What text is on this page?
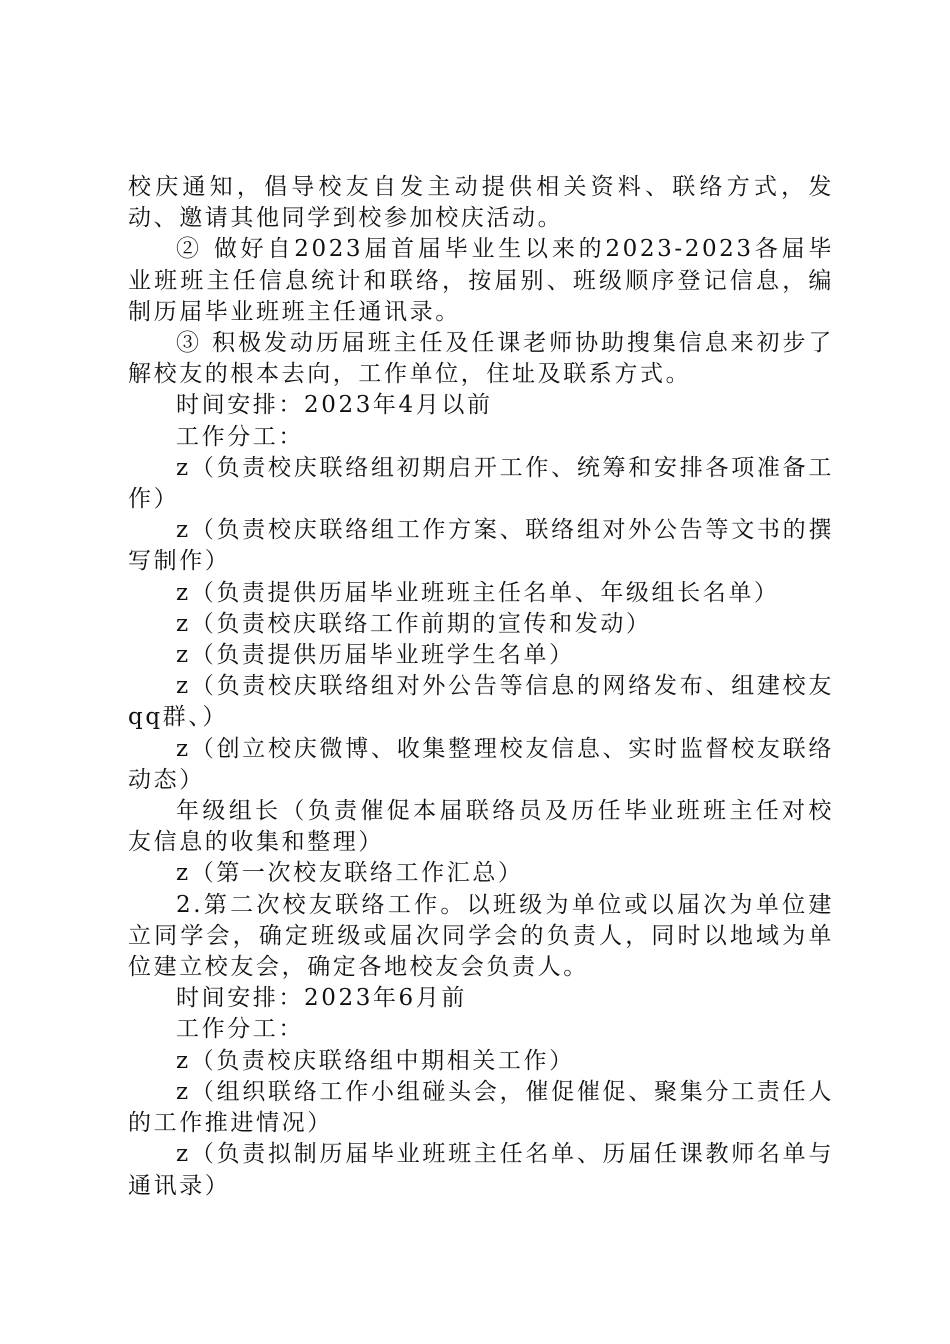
校庆通知，倡导校友自发主动提供相关资料、联络方式，发动、邀请其他同学到校参加校庆活动。

② 做好自2023届首届毕业生以来的2023-2023各届毕业班班主任信息统计和联络，按届别、班级顺序登记信息，编制历届毕业班班主任通讯录。

③ 积极发动历届班主任及任课老师协助搜集信息来初步了解校友的根本去向，工作单位，住址及联系方式。

时间安排：2023年4月以前

工作分工：

z（负责校庆联络组初期启开工作、统筹和安排各项准备工作）

z（负责校庆联络组工作方案、联络组对外公告等文书的撰写制作）

z（负责提供历届毕业班班主任名单、年级组长名单）

z（负责校庆联络工作前期的宣传和发动）

z（负责提供历届毕业班学生名单）

z（负责校庆联络组对外公告等信息的网络发布、组建校友qq群、）

z（创立校庆微博、收集整理校友信息、实时监督校友联络动态）

年级组长（负责催促本届联络员及历任毕业班班主任对校友信息的收集和整理）

z（第一次校友联络工作汇总）

2.第二次校友联络工作。以班级为单位或以届次为单位建立同学会，确定班级或届次同学会的负责人，同时以地域为单位建立校友会，确定各地校友会负责人。

时间安排：2023年6月前

工作分工：

z（负责校庆联络组中期相关工作）

z（组织联络工作小组碰头会，催促催促、聚集分工责任人的工作推进情况）

z（负责拟制历届毕业班班主任名单、历届任课教师名单与通讯录）
